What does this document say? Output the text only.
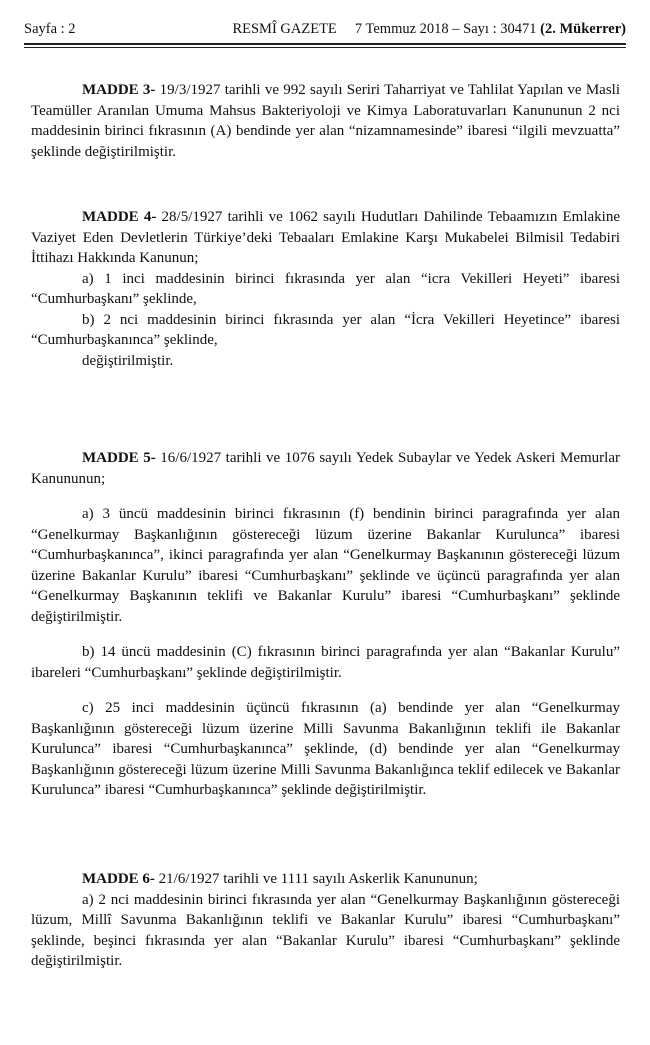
Sayfa : 2	RESMÎ GAZETE 7 Temmuz 2018 – Sayı : 30471 (2. Mükerrer)

MADDE 3- 19/3/1927 tarihli ve 992 sayılı Seriri Taharriyat ve Tahlilat Yapılan ve Masli Teamüller Aranılan Umuma Mahsus Bakteriyoloji ve Kimya Laboratuvarları Kanununun 2 nci maddesinin birinci fıkrasının (A) bendinde yer alan “nizamnamesinde” ibaresi “ilgili mevzuatta” şeklinde değiştirilmiştir.

MADDE 4- 28/5/1927 tarihli ve 1062 sayılı Hudutları Dahilinde Tebaamızın Emlakine Vaziyet Eden Devletlerin Türkiye’deki Tebaaları Emlakine Karşı Mukabelei Bilmisil Tedabiri İttihazı Hakkında Kanunun;

a) 1 inci maddesinin birinci fıkrasında yer alan “icra Vekilleri Heyeti” ibaresi “Cumhurbaşkanı” şeklinde,

b) 2 nci maddesinin birinci fıkrasında yer alan “İcra Vekilleri Heyetince” ibaresi “Cumhurbaşkanınca” şeklinde,

değiştirilmiştir.

MADDE 5- 16/6/1927 tarihli ve 1076 sayılı Yedek Subaylar ve Yedek Askeri Memurlar Kanununun;

a) 3 üncü maddesinin birinci fıkrasının (f) bendinin birinci paragrafında yer alan “Genelkurmay Başkanlığının göstereceği lüzum üzerine Bakanlar Kurulunca” ibaresi “Cumhurbaşkanınca”, ikinci paragrafında yer alan “Genelkurmay Başkanının göstereceği lüzum üzerine Bakanlar Kurulu” ibaresi “Cumhurbaşkanı” şeklinde ve üçüncü paragrafında yer alan “Genelkurmay Başkanının teklifi ve Bakanlar Kurulu” ibaresi “Cumhurbaşkanı” şeklinde değiştirilmiştir.

b) 14 üncü maddesinin (C) fıkrasının birinci paragrafında yer alan “Bakanlar Kurulu” ibareleri “Cumhurbaşkanı” şeklinde değiştirilmiştir.

c) 25 inci maddesinin üçüncü fıkrasının (a) bendinde yer alan “Genelkurmay Başkanlığının göstereceği lüzum üzerine Milli Savunma Bakanlığının teklifi ile Bakanlar Kurulunca” ibaresi “Cumhurbaşkanınca” şeklinde, (d) bendinde yer alan “Genelkurmay Başkanlığının göstereceği lüzum üzerine Milli Savunma Bakanlığınca teklif edilecek ve Bakanlar Kurulunca” ibaresi “Cumhurbaşkanınca” şeklinde değiştirilmiştir.

MADDE 6- 21/6/1927 tarihli ve 1111 sayılı Askerlik Kanununun;

a) 2 nci maddesinin birinci fıkrasında yer alan “Genelkurmay Başkanlığının göstereceği lüzum, Millî Savunma Bakanlığının teklifi ve Bakanlar Kurulu” ibaresi “Cumhurbaşkanı” şeklinde, beşinci fıkrasında yer alan “Bakanlar Kurulu” ibaresi “Cumhurbaşkanı” şeklinde değiştirilmiştir.
